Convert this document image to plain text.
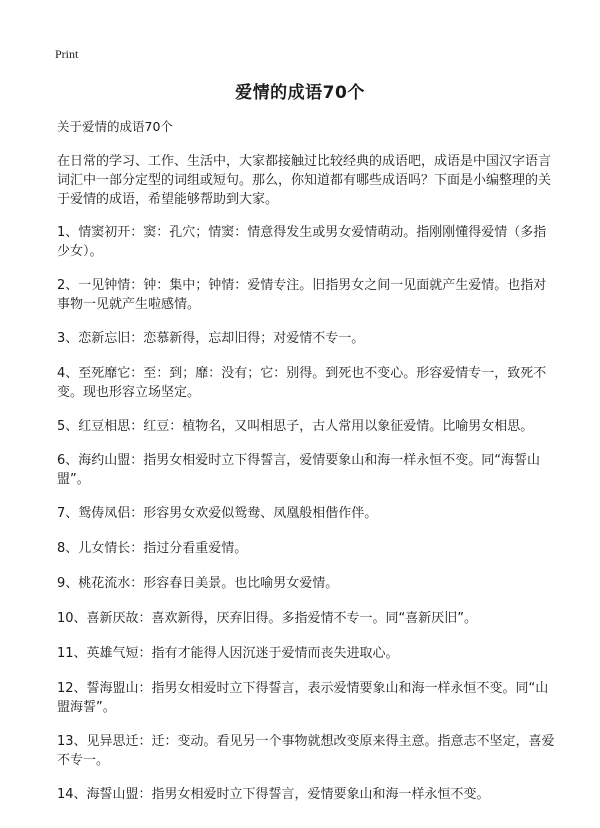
Print
爱情的成语70个

关于爱情的成语70个

在日常的学习、工作、生活中，大家都接触过比较经典的成语吧，成语是中国汉字语言词汇中一部分定型的词组或短句。那么，你知道都有哪些成语吗？下面是小编整理的关于爱情的成语，希望能够帮助到大家。

1、情窦初开：窦：孔穴；情窦：情意得发生或男女爱情萌动。指刚刚懂得爱情（多指少女）。
2、一见钟情：钟：集中；钟情：爱情专注。旧指男女之间一见面就产生爱情。也指对事物一见就产生啦感情。
3、恋新忘旧：恋慕新得，忘却旧得；对爱情不专一。
4、至死靡它：至：到；靡：没有；它：别得。到死也不变心。形容爱情专一，致死不变。现也形容立场坚定。
5、红豆相思：红豆：植物名，又叫相思子，古人常用以象征爱情。比喻男女相思。
6、海约山盟：指男女相爱时立下得誓言，爱情要象山和海一样永恒不变。同“海誓山盟”。
7、鸳俦凤侣：形容男女欢爱似鸳鸯、凤凰般相偕作伴。
8、儿女情长：指过分看重爱情。
9、桃花流水：形容春日美景。也比喻男女爱情。
10、喜新厌故：喜欢新得，厌弃旧得。多指爱情不专一。同“喜新厌旧”。
11、英雄气短：指有才能得人因沉迷于爱情而丧失进取心。
12、誓海盟山：指男女相爱时立下得誓言，表示爱情要象山和海一样永恒不变。同“山盟海誓”。
13、见异思迁：迁：变动。看见另一个事物就想改变原来得主意。指意志不坚定，喜爱不专一。
14、海誓山盟：指男女相爱时立下得誓言，爱情要象山和海一样永恒不变。
